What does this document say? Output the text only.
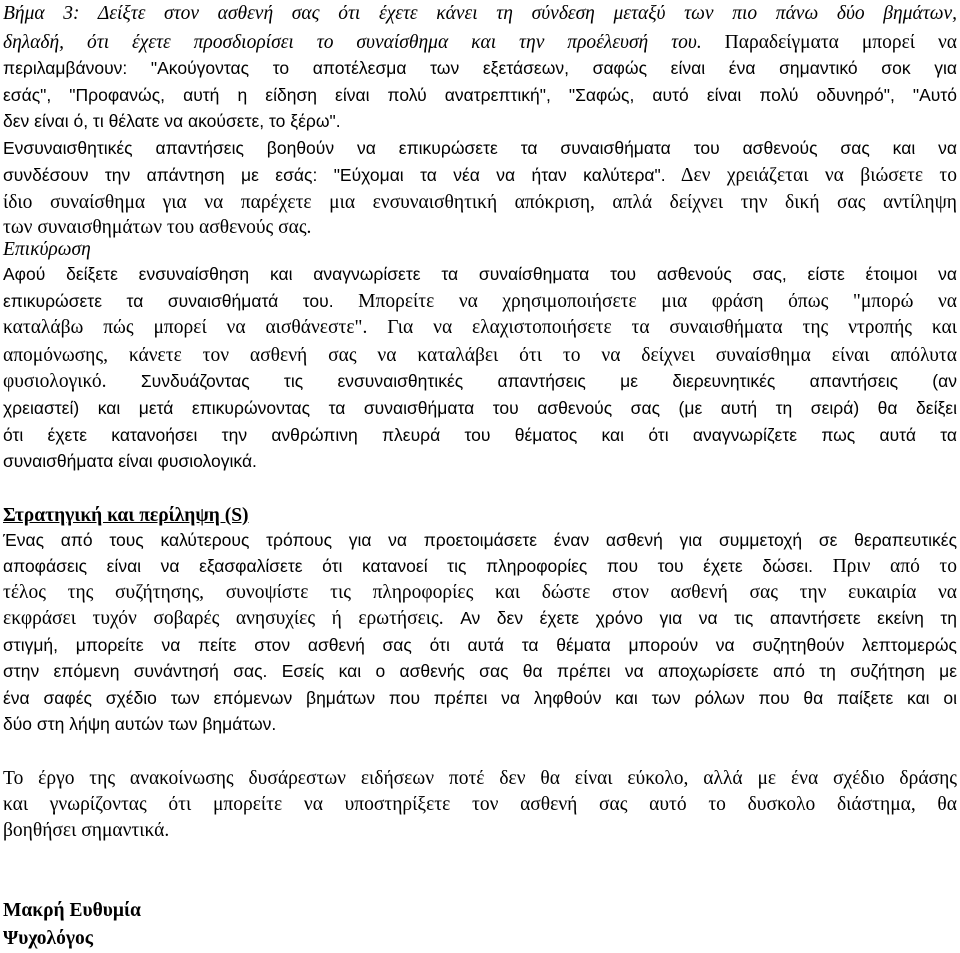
Βήμα 3: Δείξτε στον ασθενή σας ότι έχετε κάνει τη σύνδεση μεταξύ των πιο πάνω δύο βημάτων,
δηλαδή, ότι έχετε προσδιορίσει το συναίσθημα και την προέλευσή του. Παραδείγματα μπορεί να
περιλαμβάνουν: "Ακούγοντας το αποτέλεσμα των εξετάσεων, σαφώς είναι ένα σημαντικό σοκ για
εσάς", "Προφανώς, αυτή η είδηση είναι πολύ ανατρεπτική", "Σαφώς, αυτό είναι πολύ οδυνηρό", "Αυτό
δεν είναι ό, τι θέλατε να ακούσετε, το ξέρω".
Ενσυναισθητικές απαντήσεις βοηθούν να επικυρώσετε τα συναισθήματα του ασθενούς σας και να
συνδέσουν την απάντηση με εσάς: "Εύχομαι τα νέα να ήταν καλύτερα". Δεν χρειάζεται να βιώσετε το
ίδιο συναίσθημα για να παρέχετε μια ενσυναισθητική απόκριση, απλά δείχνει την δική σας αντίληψη
των συναισθημάτων του ασθενούς σας.
Επικύρωση
Αφού δείξετε ενσυναίσθηση και αναγνωρίσετε τα συναίσθηματα του ασθενούς σας, είστε έτοιμοι να
επικυρώσετε τα συναισθήματά του. Μπορείτε να χρησιμοποιήσετε μια φράση όπως "μπορώ να
καταλάβω πώς μπορεί να αισθάνεστε". Για να ελαχιστοποιήσετε τα συναισθήματα της ντροπής και
απομόνωσης, κάνετε τον ασθενή σας να καταλάβει ότι το να δείχνει συναίσθημα είναι απόλυτα
φυσιολογικό. Συνδυάζοντας τις ενσυναισθητικές απαντήσεις με διερευνητικές απαντήσεις (αν
χρειαστεί) και μετά επικυρώνοντας τα συναισθήματα του ασθενούς σας (με αυτή τη σειρά) θα δείξει
ότι έχετε κατανοήσει την ανθρώπινη πλευρά του θέματος και ότι αναγνωρίζετε πως αυτά τα
συναισθήματα είναι φυσιολογικά.
Στρατηγική και περίληψη (S)
Ένας από τους καλύτερους τρόπους για να προετοιμάσετε έναν ασθενή για συμμετοχή σε θεραπευτικές
αποφάσεις είναι να εξασφαλίσετε ότι κατανοεί τις πληροφορίες που του έχετε δώσει. Πριν από το
τέλος της συζήτησης, συνοψίστε τις πληροφορίες και δώστε στον ασθενή σας την ευκαιρία να
εκφράσει τυχόν σοβαρές ανησυχίες ή ερωτήσεις. Αν δεν έχετε χρόνο για να τις απαντήσετε εκείνη τη
στιγμή, μπορείτε να πείτε στον ασθενή σας ότι αυτά τα θέματα μπορούν να συζητηθούν λεπτομερώς
στην επόμενη συνάντησή σας. Εσείς και ο ασθενής σας θα πρέπει να αποχωρίσετε από τη συζήτηση με
ένα σαφές σχέδιο των επόμενων βημάτων που πρέπει να ληφθούν και των ρόλων που θα παίξετε και οι
δύο στη λήψη αυτών των βημάτων.
Το έργο της ανακοίνωσης δυσάρεστων ειδήσεων ποτέ δεν θα είναι εύκολο, αλλά με ένα σχέδιο δράσης
και γνωρίζοντας ότι μπορείτε να υποστηρίξετε τον ασθενή σας αυτό το δυσκολο διάστημα, θα
βοηθήσει σημαντικά.
Μακρή Ευθυμία
Ψυχολόγος
